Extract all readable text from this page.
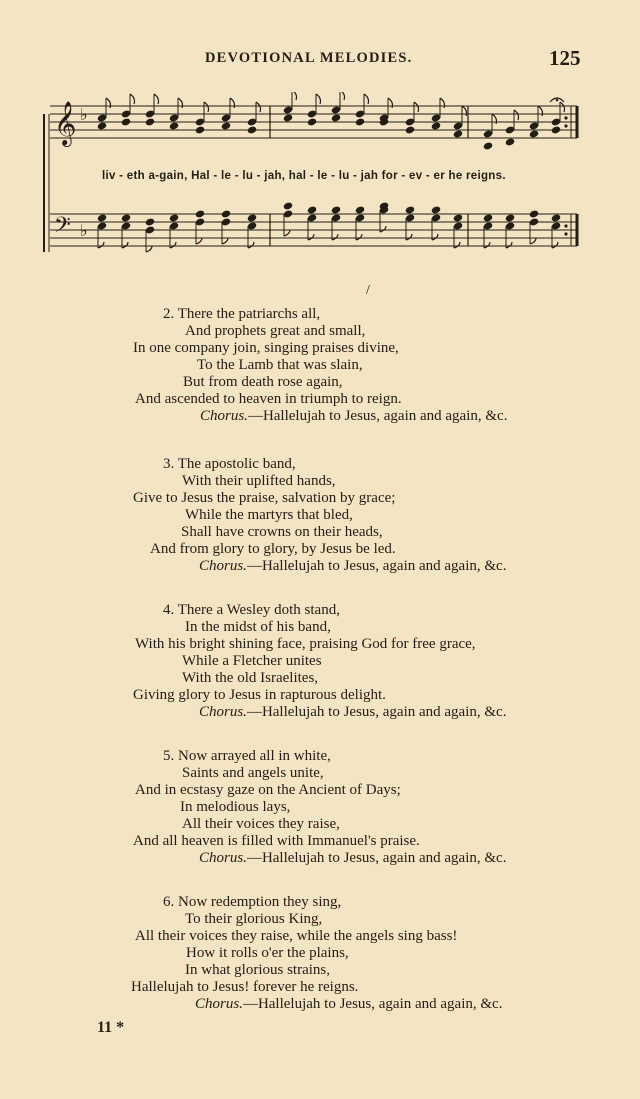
DEVOTIONAL MELODIES.	125
𝄞 ♭
𝄢 ♭
liv - eth a-gain, Hal - le - lu - jah, hal - le - lu - jah for - ev - er he reigns.
/
2. There the patriarchs all,
And prophets great and small,
In one company join, singing praises divine,
To the Lamb that was slain,
But from death rose again,
And ascended to heaven in triumph to reign.
Chorus.—Hallelujah to Jesus, again and again, &c.
3. The apostolic band,
With their uplifted hands,
Give to Jesus the praise, salvation by grace;
While the martyrs that bled,
Shall have crowns on their heads,
And from glory to glory, by Jesus be led.
Chorus.—Hallelujah to Jesus, again and again, &c.
4. There a Wesley doth stand,
In the midst of his band,
With his bright shining face, praising God for free grace,
While a Fletcher unites
With the old Israelites,
Giving glory to Jesus in rapturous delight.
Chorus.—Hallelujah to Jesus, again and again, &c.
5. Now arrayed all in white,
Saints and angels unite,
And in ecstasy gaze on the Ancient of Days;
In melodious lays,
All their voices they raise,
And all heaven is filled with Immanuel's praise.
Chorus.—Hallelujah to Jesus, again and again, &c.
6. Now redemption they sing,
To their glorious King,
All their voices they raise, while the angels sing bass!
How it rolls o'er the plains,
In what glorious strains,
Hallelujah to Jesus! forever he reigns.
Chorus.—Hallelujah to Jesus, again and again, &c.
11 *
